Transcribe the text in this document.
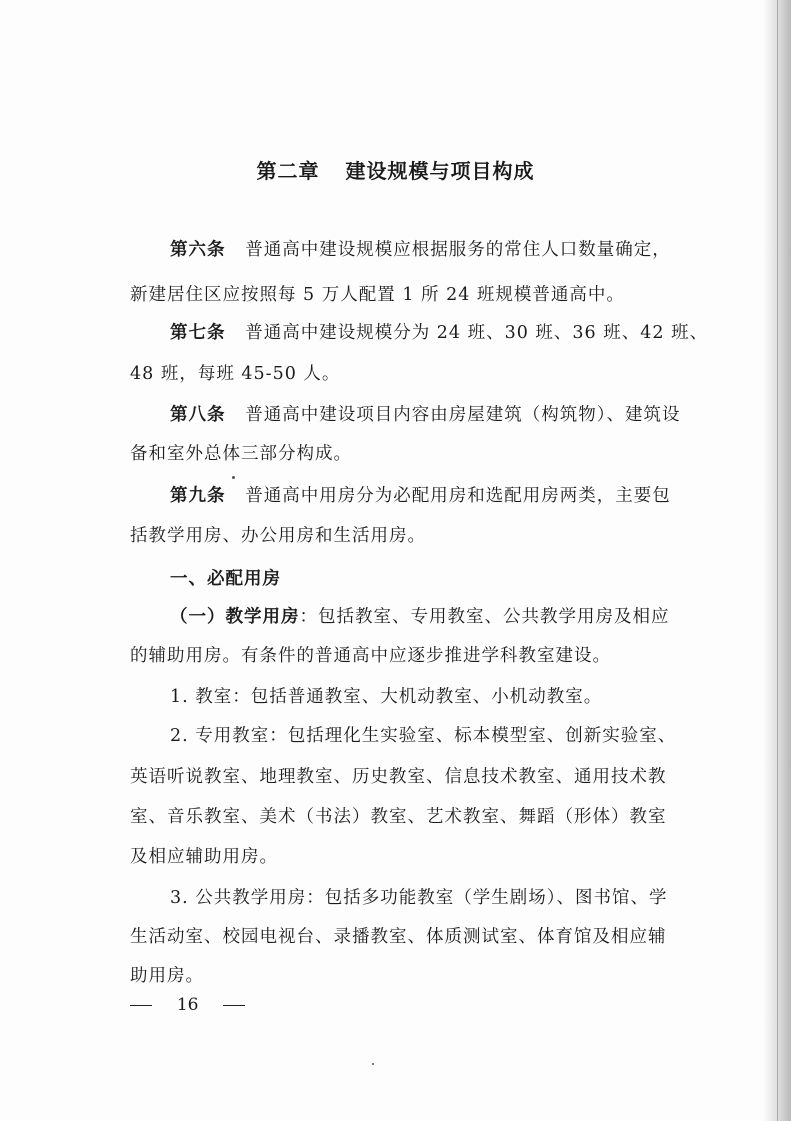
第二章 建设规模与项目构成
第六条 普通高中建设规模应根据服务的常住人口数量确定，
新建居住区应按照每 5 万人配置 1 所 24 班规模普通高中。
第七条 普通高中建设规模分为 24 班、30 班、36 班、42 班、
48 班，每班 45-50 人。
第八条 普通高中建设项目内容由房屋建筑（构筑物）、建筑设
备和室外总体三部分构成。
第九条 普通高中用房分为必配用房和选配用房两类，主要包
括教学用房、办公用房和生活用房。
一、必配用房
（一）教学用房：包括教室、专用教室、公共教学用房及相应
的辅助用房。有条件的普通高中应逐步推进学科教室建设。
1. 教室：包括普通教室、大机动教室、小机动教室。
2. 专用教室：包括理化生实验室、标本模型室、创新实验室、
英语听说教室、地理教室、历史教室、信息技术教室、通用技术教
室、音乐教室、美术（书法）教室、艺术教室、舞蹈（形体）教室
及相应辅助用房。
3. 公共教学用房：包括多功能教室（学生剧场）、图书馆、学
生活动室、校园电视台、录播教室、体质测试室、体育馆及相应辅
助用房。
16
